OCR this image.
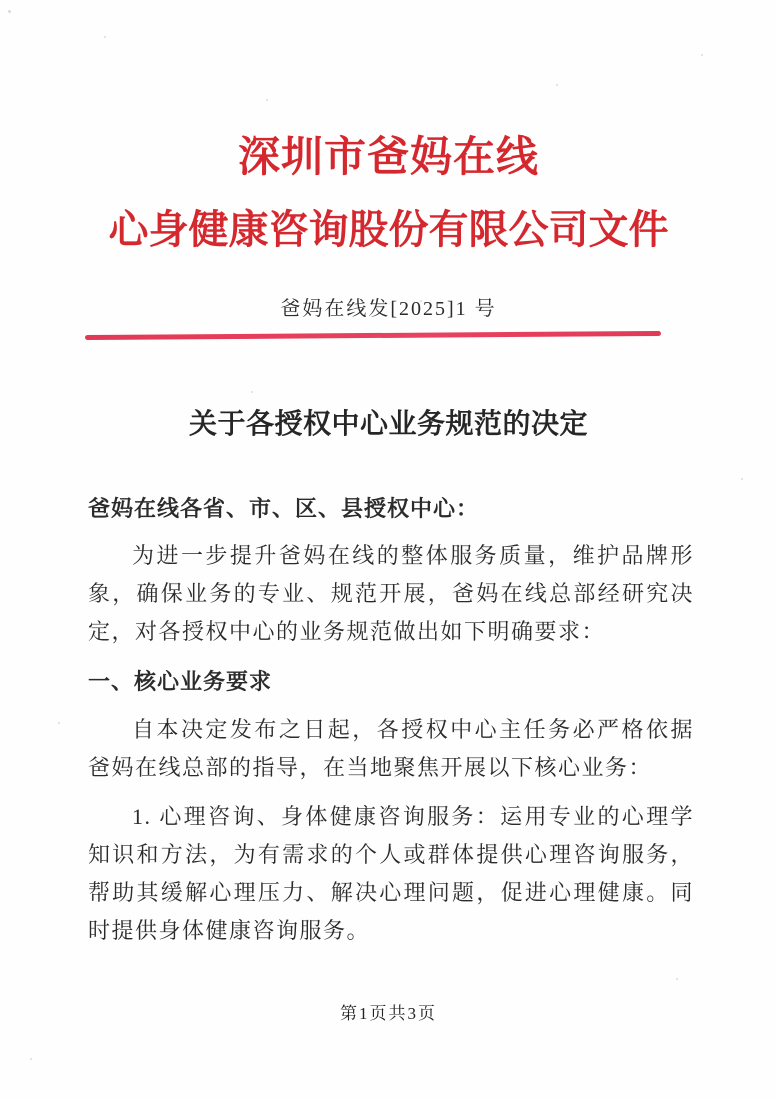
深圳市爸妈在线
心身健康咨询股份有限公司文件
爸妈在线发[2025]1 号
关于各授权中心业务规范的决定
爸妈在线各省、市、区、县授权中心：

为进一步提升爸妈在线的整体服务质量，维护品牌形象，确保业务的专业、规范开展，爸妈在线总部经研究决定，对各授权中心的业务规范做出如下明确要求：

一、核心业务要求

自本决定发布之日起，各授权中心主任务必严格依据爸妈在线总部的指导，在当地聚焦开展以下核心业务：

1. 心理咨询、身体健康咨询服务：运用专业的心理学知识和方法，为有需求的个人或群体提供心理咨询服务，帮助其缓解心理压力、解决心理问题，促进心理健康。同时提供身体健康咨询服务。

第1页共3页
